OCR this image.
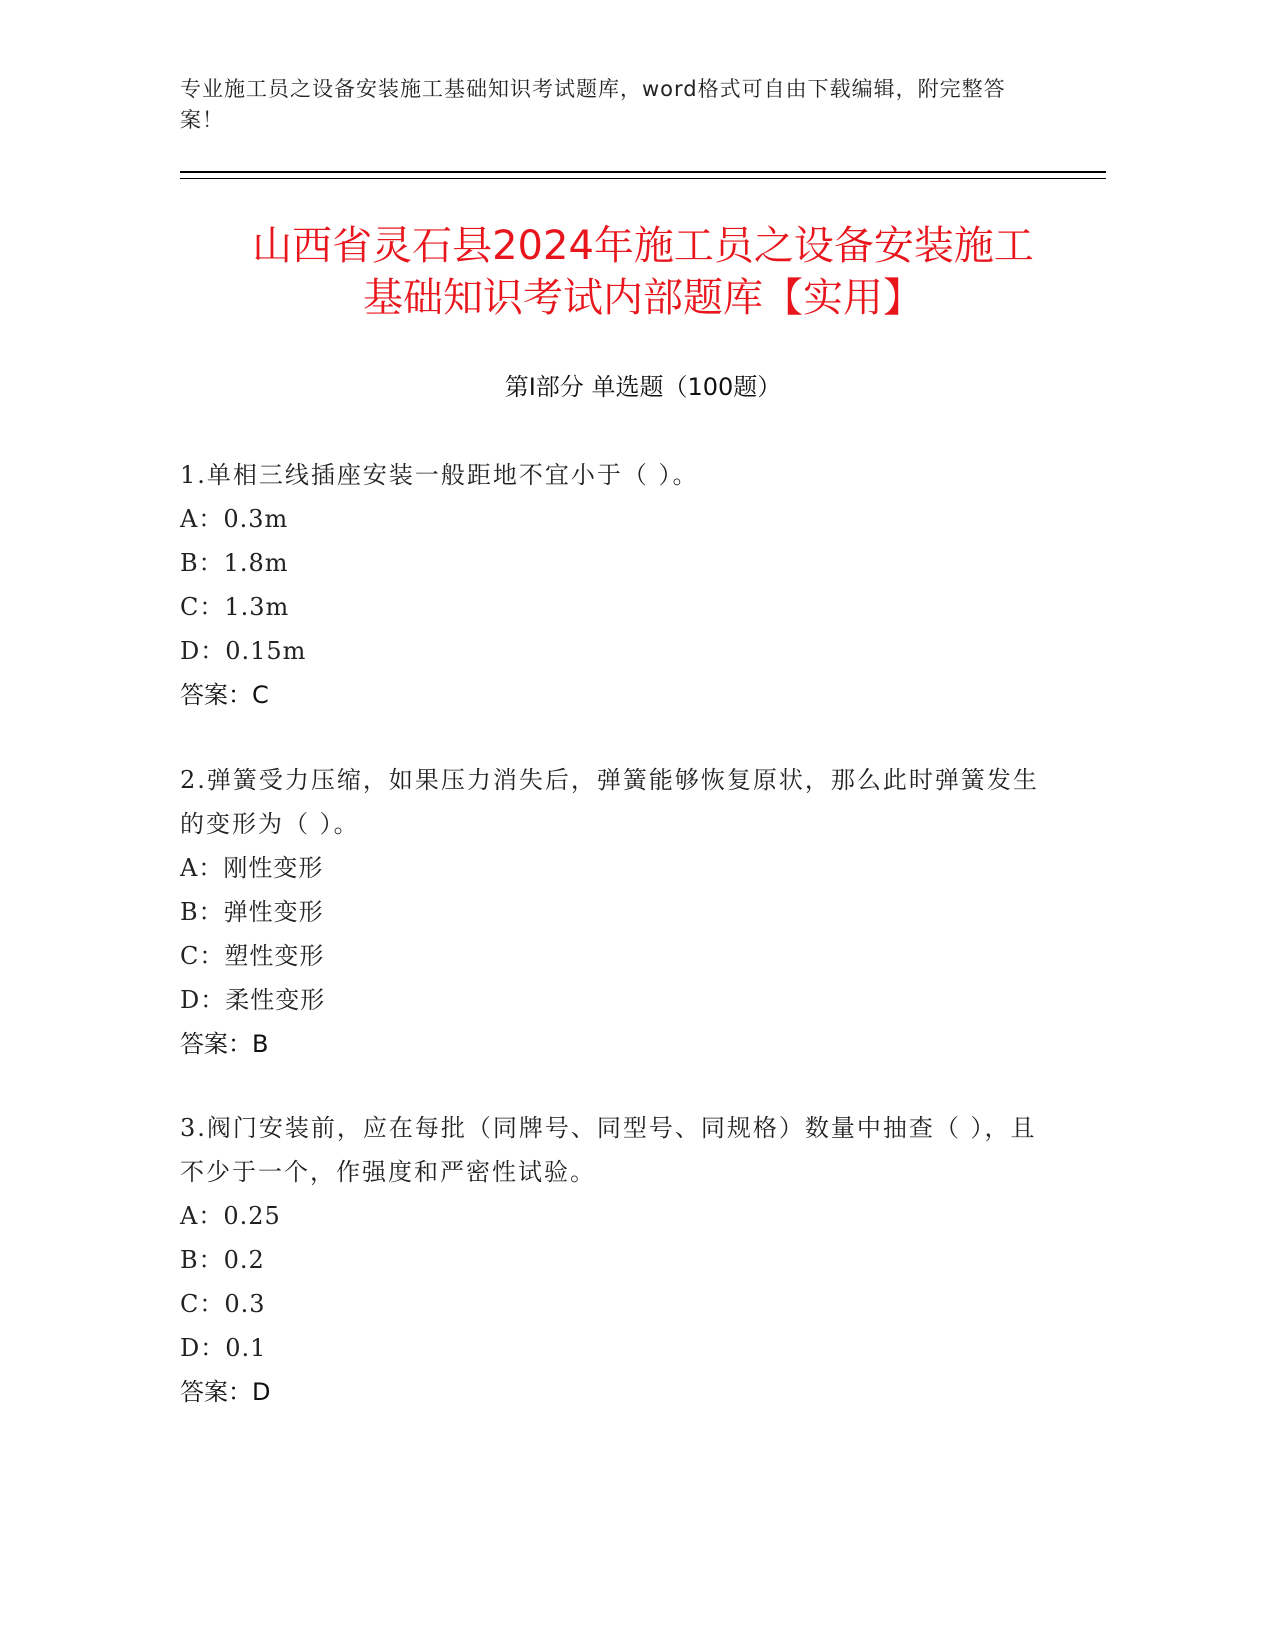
专业施工员之设备安装施工基础知识考试题库，word格式可自由下载编辑，附完整答案！
山西省灵石县2024年施工员之设备安装施工
基础知识考试内部题库【实用】
第Ⅰ部分 单选题（100题）

1.单相三线插座安装一般距地不宜小于（ ）。

A：0.3m

B：1.8m

C：1.3m

D：0.15m

答案：C

2.弹簧受力压缩，如果压力消失后，弹簧能够恢复原状，那么此时弹簧发生的变形为（ ）。

A：刚性变形

B：弹性变形

C：塑性变形

D：柔性变形

答案：B

3.阀门安装前，应在每批（同牌号、同型号、同规格）数量中抽查（ ），且不少于一个，作强度和严密性试验。

A：0.25

B：0.2

C：0.3

D：0.1

答案：D
